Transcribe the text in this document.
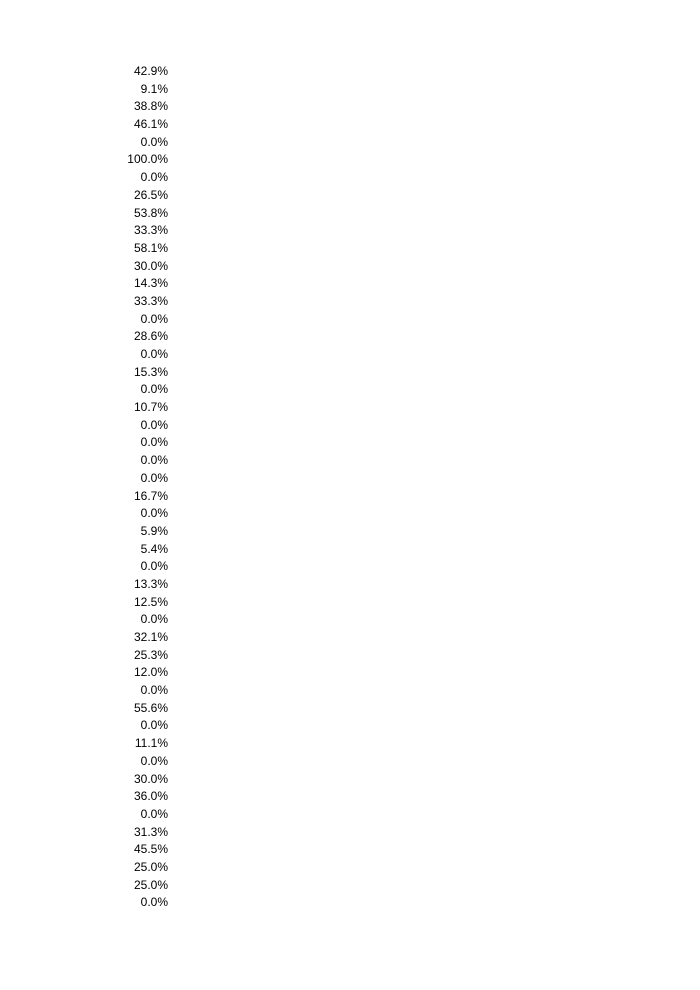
42.9%
9.1%
38.8%
46.1%
0.0%
100.0%
0.0%
26.5%
53.8%
33.3%
58.1%
30.0%
14.3%
33.3%
0.0%
28.6%
0.0%
15.3%
0.0%
10.7%
0.0%
0.0%
0.0%
0.0%
16.7%
0.0%
5.9%
5.4%
0.0%
13.3%
12.5%
0.0%
32.1%
25.3%
12.0%
0.0%
55.6%
0.0%
11.1%
0.0%
30.0%
36.0%
0.0%
31.3%
45.5%
25.0%
25.0%
0.0%
